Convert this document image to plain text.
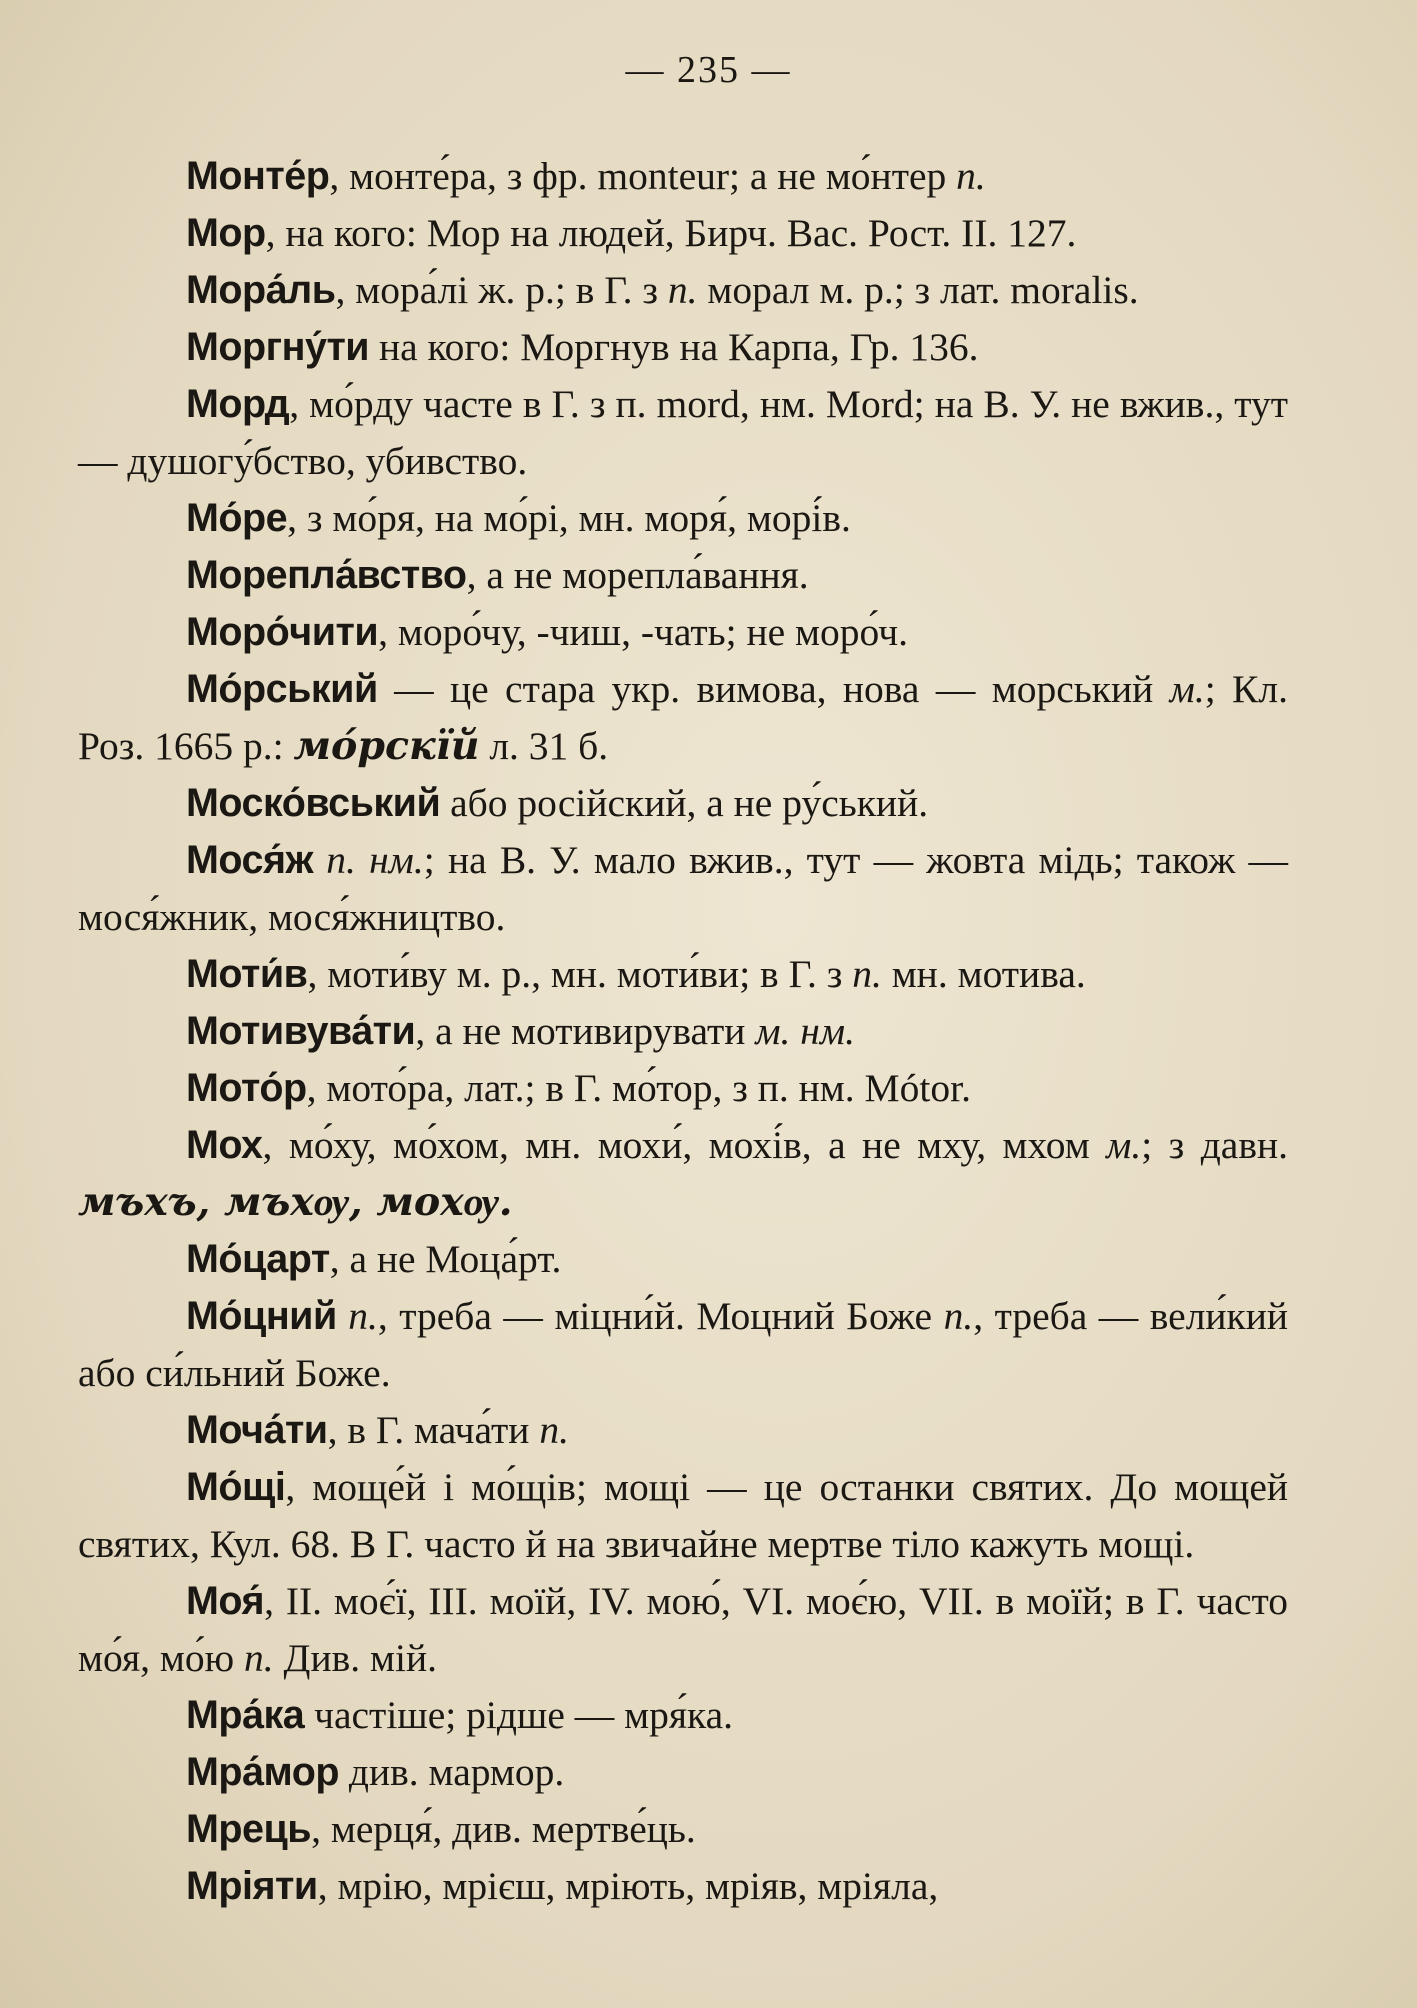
— 235 —

Монте́р, монте́ра, з фр. monteur; а не мо́нтер п.

Мор, на кого: Мор на людей, Бирч. Вас. Рост. II. 127.

Мора́ль, мора́лі ж. р.; в Г. з п. морал м. р.; з лат. moralis.

Моргну́ти на кого: Моргнув на Карпа, Гр. 136.

Морд, мо́рду часте в Г. з п. mord, нм. Mord; на В. У. не вжив., тут — душогу́бство, убивство.

Мо́ре, з мо́ря, на мо́рі, мн. моря́, морі́в.

Морепла́вство, а не морепла́вання.

Моро́чити, моро́чу, -чиш, -чать; не моро́ч.

Мо́рський — це стара укр. вимова, нова — морський м.; Кл. Роз. 1665 р.: мо́рскїй л. 31 б.

Моско́вський або російский, а не ру́ський.

Мося́ж п. нм.; на В. У. мало вжив., тут — жовта мідь; також — мося́жник, мося́жництво.

Моти́в, моти́ву м. р., мн. моти́ви; в Г. з п. мн. мотива.

Мотивува́ти, а не мотивирувати м. нм.

Мото́р, мото́ра, лат.; в Г. мо́тор, з п. нм. Mótor.

Мох, мо́ху, мо́хом, мн. мохи́, мохі́в, а не мху, мхом м.; з давн. мъхъ, мъхѹ, мохѹ.

Мо́царт, а не Моца́рт.

Мо́цний п., треба — міцни́й. Моцний Боже п., треба — вели́кий або си́льний Боже.

Моча́ти, в Г. мача́ти п.

Мо́щі, моще́й і мо́щів; мощі — це останки святих. До мощей святих, Кул. 68. В Г. часто й на звичайне мертве тіло кажуть мощі.

Моя́, II. моє́ї, III. моїй, IV. мою́, VI. моє́ю, VII. в моїй; в Г. часто мо́я, мо́ю п. Див. мій.

Мра́ка частіше; рідше — мря́ка.

Мра́мор див. мармор.

Мрець, мерця́, див. мертве́ць.

Мріяти, мрію, мрієш, мріють, мріяв, мріяла,
